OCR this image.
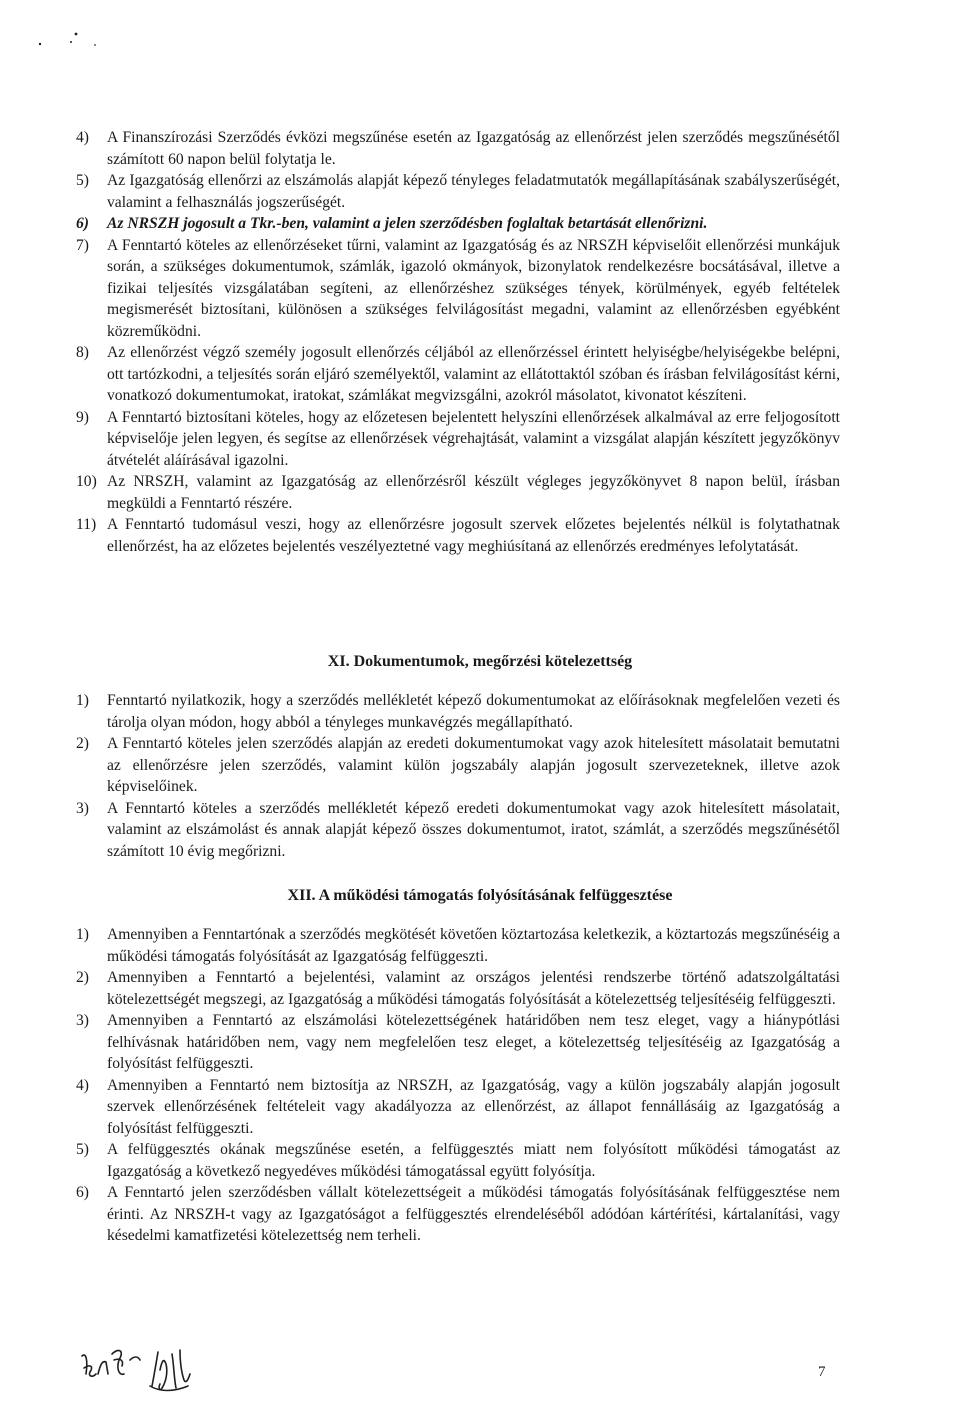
4)	A Finanszírozási Szerződés évközi megszűnése esetén az Igazgatóság az ellenőrzést jelen szerződés megszűnésétől számított 60 napon belül folytatja le.
5)	Az Igazgatóság ellenőrzi az elszámolás alapját képező tényleges feladatmutatók megállapításának szabályszerűségét, valamint a felhasználás jogszerűségét.
6)	Az NRSZH jogosult a Tkr.-ben, valamint a jelen szerződésben foglaltak betartását ellenőrizni.
7)	A Fenntartó köteles az ellenőrzéseket tűrni, valamint az Igazgatóság és az NRSZH képviselőit ellenőrzési munkájuk során, a szükséges dokumentumok, számlák, igazoló okmányok, bizonylatok rendelkezésre bocsátásával, illetve a fizikai teljesítés vizsgálatában segíteni, az ellenőrzéshez szükséges tények, körülmények, egyéb feltételek megismerését biztosítani, különösen a szükséges felvilágosítást megadni, valamint az ellenőrzésben egyébként közreműködni.
8)	Az ellenőrzést végző személy jogosult ellenőrzés céljából az ellenőrzéssel érintett helyiségbe/helyiségekbe belépni, ott tartózkodni, a teljesítés során eljáró személyektől, valamint az ellátottaktól szóban és írásban felvilágosítást kérni, vonatkozó dokumentumokat, iratokat, számlákat megvizsgálni, azokról másolatot, kivonatot készíteni.
9)	A Fenntartó biztosítani köteles, hogy az előzetesen bejelentett helyszíni ellenőrzések alkalmával az erre feljogosított képviselője jelen legyen, és segítse az ellenőrzések végrehajtását, valamint a vizsgálat alapján készített jegyzőkönyv átvételét aláírásával igazolni.
10) Az NRSZH, valamint az Igazgatóság az ellenőrzésről készült végleges jegyzőkönyvet 8 napon belül, írásban megküldi a Fenntartó részére.
11) A Fenntartó tudomásul veszi, hogy az ellenőrzésre jogosult szervek előzetes bejelentés nélkül is folytathatnak ellenőrzést, ha az előzetes bejelentés veszélyeztetné vagy meghiúsítaná az ellenőrzés eredményes lefolytatását.
XI. Dokumentumok, megőrzési kötelezettség
1)	Fenntartó nyilatkozik, hogy a szerződés mellékletét képező dokumentumokat az előírásoknak megfelelően vezeti és tárolja olyan módon, hogy abból a tényleges munkavégzés megállapítható.
2)	A Fenntartó köteles jelen szerződés alapján az eredeti dokumentumokat vagy azok hitelesített másolatait bemutatni az ellenőrzésre jelen szerződés, valamint külön jogszabály alapján jogosult szervezeteknek, illetve azok képviselőinek.
3)	A Fenntartó köteles a szerződés mellékletét képező eredeti dokumentumokat vagy azok hitelesített másolatait, valamint az elszámolást és annak alapját képező összes dokumentumot, iratot, számlát, a szerződés megszűnésétől számított 10 évig megőrizni.
XII. A működési támogatás folyósításának felfüggesztése
1)	Amennyiben a Fenntartónak a szerződés megkötését követően köztartozása keletkezik, a köztartozás megszűnéséig a működési támogatás folyósítását az Igazgatóság felfüggeszti.
2)	Amennyiben a Fenntartó a bejelentési, valamint az országos jelentési rendszerbe történő adatszolgáltatási kötelezettségét megszegi, az Igazgatóság a működési támogatás folyósítását a kötelezettség teljesítéséig felfüggeszti.
3)	Amennyiben a Fenntartó az elszámolási kötelezettségének határidőben nem tesz eleget, vagy a hiánypótlási felhívásnak határidőben nem, vagy nem megfelelően tesz eleget, a kötelezettség teljesítéséig az Igazgatóság a folyósítást felfüggeszti.
4)	Amennyiben a Fenntartó nem biztosítja az NRSZH, az Igazgatóság, vagy a külön jogszabály alapján jogosult szervek ellenőrzésének feltételeit vagy akadályozza az ellenőrzést, az állapot fennállásáig az Igazgatóság a folyósítást felfüggeszti.
5)	A felfüggesztés okának megszűnése esetén, a felfüggesztés miatt nem folyósított működési támogatást az Igazgatóság a következő negyedéves működési támogatással együtt folyósítja.
6)	A Fenntartó jelen szerződésben vállalt kötelezettségeit a működési támogatás folyósításának felfüggesztése nem érinti. Az NRSZH-t vagy az Igazgatóságot a felfüggesztés elrendeléséből adódóan kártérítési, kártalanítási, vagy késedelmi kamatfizetési kötelezettség nem terheli.
7
